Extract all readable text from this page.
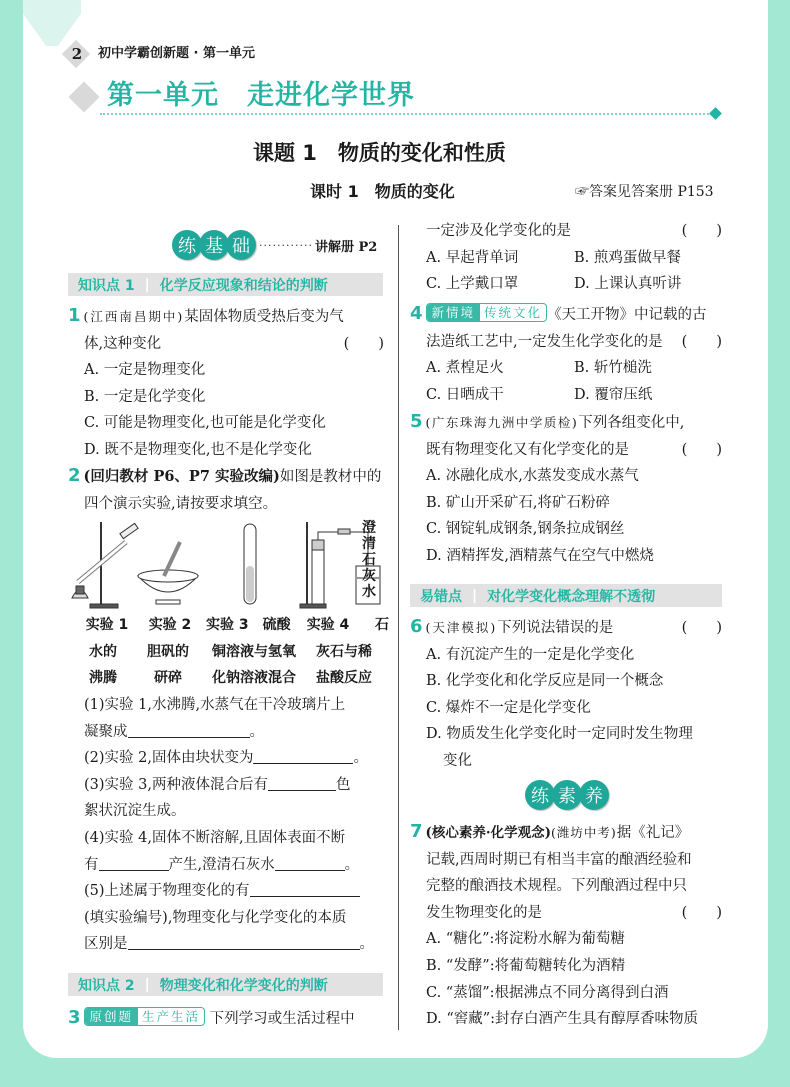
2 初中学霸创新题 · 第一单元
第一单元　走进化学世界
课题 1　物质的变化和性质
课时 1　物质的变化	☞答案见答案册 P153
练 基 础 ············ 讲解册 P2
知识点 1 | 化学反应现象和结论的判断
1 (江西南昌期中)某固体物质受热后变为气
体,这种变化	(　　)
A. 一定是物理变化
B. 一定是化学变化
C. 可能是物理变化,也可能是化学变化
D. 既不是物理变化,也不是化学变化
2 (回归教材 P6、P7 实验改编)如图是教材中的
四个演示实验,请按要求填空。
澄
清
石
灰
水
实验 1	实验 2	实验 3　 硫酸	实验 4	石
水的	胆矾的	铜溶液与氢氧	灰石与稀
沸腾	研碎	化钠溶液混合	盐酸反应
(1)实验 1,水沸腾,水蒸气在干冷玻璃片上
凝聚成	。
(2)实验 2,固体由块状变为	。
(3)实验 3,两种液体混合后有	色
絮状沉淀生成。
(4)实验 4,固体不断溶解,且固体表面不断
有	产生,澄清石灰水	。
(5)上述属于物理变化的有
(填实验编号),物理变化与化学变化的本质
区别是	。
知识点 2 | 物理变化和化学变化的判断
3 原创题 生产生活 下列学习或生活过程中
一定涉及化学变化的是	(　　)
A. 早起背单词	B. 煎鸡蛋做早餐
C. 上学戴口罩	D. 上课认真听讲
4 新情境 传统文化 《天工开物》中记载的古
法造纸工艺中,一定发生化学变化的是 (　　)
A. 煮楻足火	B. 斩竹槌洗
C. 日晒成干	D. 覆帘压纸
5 (广东珠海九洲中学质检)下列各组变化中,
既有物理变化又有化学变化的是	(　　)
A. 冰融化成水,水蒸发变成水蒸气
B. 矿山开采矿石,将矿石粉碎
C. 钢锭轧成钢条,钢条拉成钢丝
D. 酒精挥发,酒精蒸气在空气中燃烧
易错点 | 对化学变化概念理解不透彻
6 (天津模拟)下列说法错误的是	(　　)
A. 有沉淀产生的一定是化学变化
B. 化学变化和化学反应是同一个概念
C. 爆炸不一定是化学变化
D. 物质发生化学变化时一定同时发生物理
变化
练 素 养
7 (核心素养·化学观念)(潍坊中考)据《礼记》
记载,西周时期已有相当丰富的酿酒经验和
完整的酿酒技术规程。下列酿酒过程中只
发生物理变化的是	(　　)
A. “糖化”:将淀粉水解为葡萄糖
B. “发酵”:将葡萄糖转化为酒精
C. “蒸馏”:根据沸点不同分离得到白酒
D. “窖藏”:封存白酒产生具有醇厚香味物质
